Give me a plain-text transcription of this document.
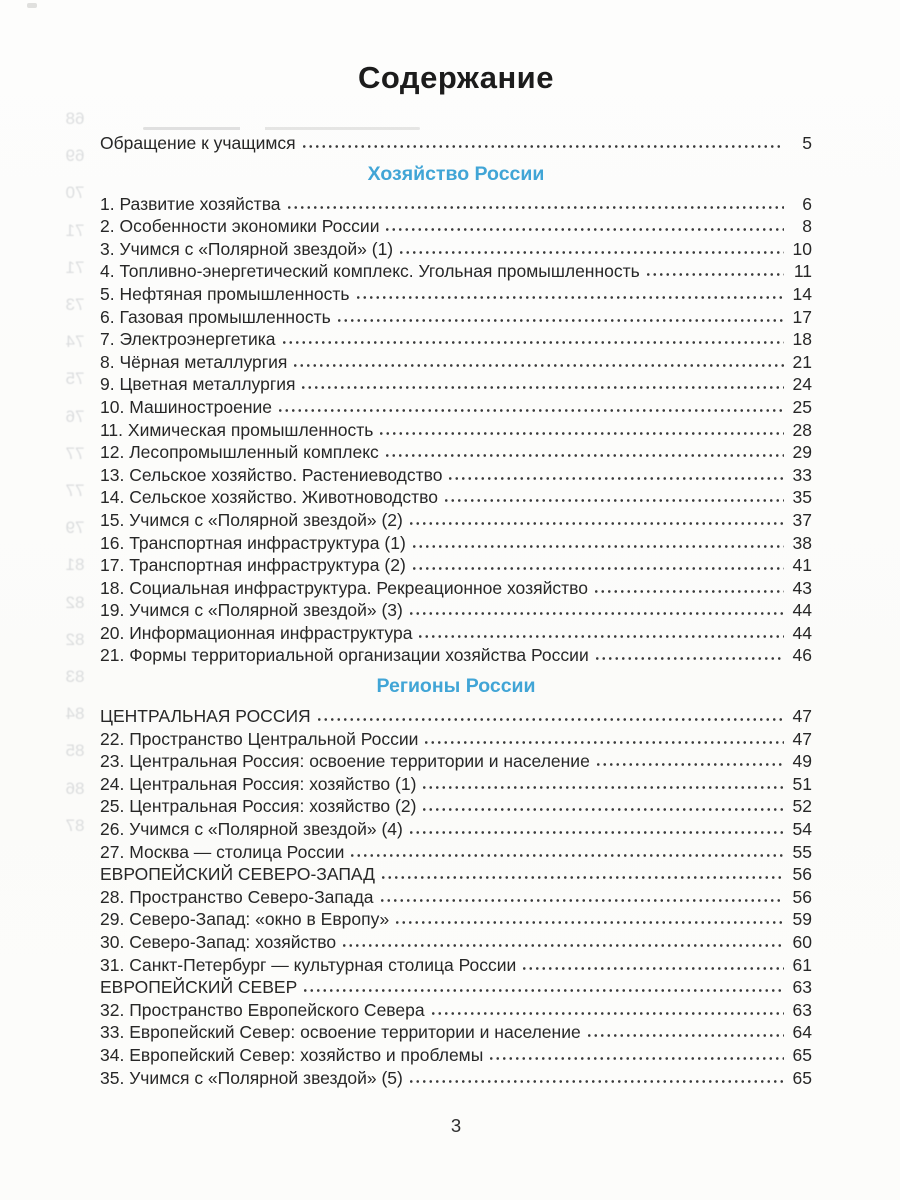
68
69
70
71
71
73
74
75
76
77
77
79
81
82
82
83
84
85
86
87
Содержание
Обращение к учащимся	5
Хозяйство России
1. Развитие хозяйства	6
2. Особенности экономики России	8
3. Учимся с «Полярной звездой» (1)	10
4. Топливно-энергетический комплекс. Угольная промышленность	11
5. Нефтяная промышленность	14
6. Газовая промышленность	17
7. Электроэнергетика	18
8. Чёрная металлургия	21
9. Цветная металлургия	24
10. Машиностроение	25
11. Химическая промышленность	28
12. Лесопромышленный комплекс	29
13. Сельское хозяйство. Растениеводство	33
14. Сельское хозяйство. Животноводство	35
15. Учимся с «Полярной звездой» (2)	37
16. Транспортная инфраструктура (1)	38
17. Транспортная инфраструктура (2)	41
18. Социальная инфраструктура. Рекреационное хозяйство	43
19. Учимся с «Полярной звездой» (3)	44
20. Информационная инфраструктура	44
21. Формы территориальной организации хозяйства России	46
Регионы России
ЦЕНТРАЛЬНАЯ РОССИЯ	47
22. Пространство Центральной России	47
23. Центральная Россия: освоение территории и население	49
24. Центральная Россия: хозяйство (1)	51
25. Центральная Россия: хозяйство (2)	52
26. Учимся с «Полярной звездой» (4)	54
27. Москва — столица России	55
ЕВРОПЕЙСКИЙ СЕВЕРО-ЗАПАД	56
28. Пространство Северо-Запада	56
29. Северо-Запад: «окно в Европу»	59
30. Северо-Запад: хозяйство	60
31. Санкт-Петербург — культурная столица России	61
ЕВРОПЕЙСКИЙ СЕВЕР	63
32. Пространство Европейского Севера	63
33. Европейский Север: освоение территории и население	64
34. Европейский Север: хозяйство и проблемы	65
35. Учимся с «Полярной звездой» (5)	65
3
